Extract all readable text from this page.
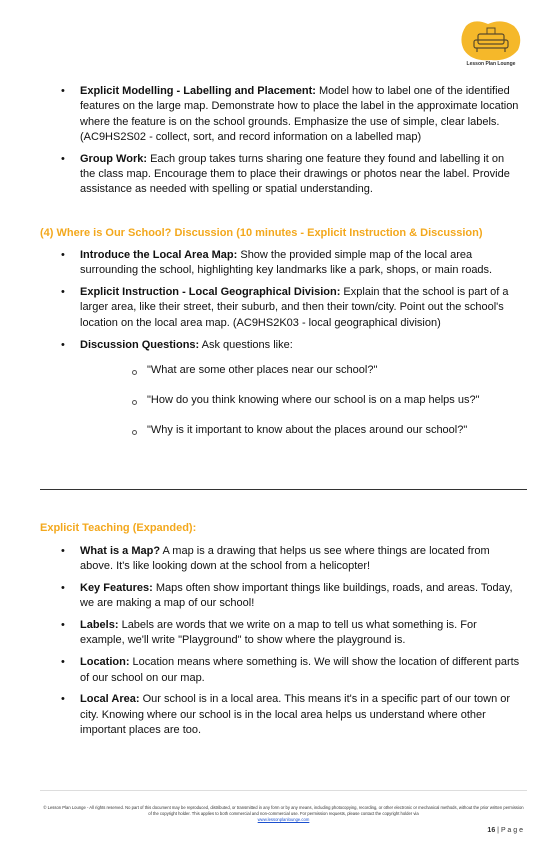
Lesson Plan Lounge
• Explicit Modelling - Labelling and Placement: Model how to label one of the identified features on the large map. Demonstrate how to place the label in the approximate location where the feature is on the school grounds. Emphasize the use of simple, clear labels. (AC9HS2S02 - collect, sort, and record information on a labelled map)
• Group Work: Each group takes turns sharing one feature they found and labelling it on the class map. Encourage them to place their drawings or photos near the label. Provide assistance as needed with spelling or spatial understanding.

(4) Where is Our School? Discussion (10 minutes - Explicit Instruction & Discussion)

• Introduce the Local Area Map: Show the provided simple map of the local area surrounding the school, highlighting key landmarks like a park, shops, or main roads.
• Explicit Instruction - Local Geographical Division: Explain that the school is part of a larger area, like their street, their suburb, and then their town/city. Point out the school's location on the local area map. (AC9HS2K03 - local geographical division)
• Discussion Questions: Ask questions like:
"What are some other places near our school?"
"How do you think knowing where our school is on a map helps us?"
"Why is it important to know about the places around our school?"

Explicit Teaching (Expanded):

• What is a Map? A map is a drawing that helps us see where things are located from above. It's like looking down at the school from a helicopter!
• Key Features: Maps often show important things like buildings, roads, and areas. Today, we are making a map of our school!
• Labels: Labels are words that we write on a map to tell us what something is. For example, we'll write "Playground" to show where the playground is.
• Location: Location means where something is. We will show the location of different parts of our school on our map.
• Local Area: Our school is in a local area. This means it's in a specific part of our town or city. Knowing where our school is in the local area helps us understand where other important places are too.
© Lesson Plan Lounge - All rights reserved. No part of this document may be reproduced, distributed, or transmitted in any form or by any means, including photocopying, recording, or other electronic or mechanical methods, without the prior written permission of the copyright holder. This applies to both commercial and non-commercial use. For permission requests, please contact the copyright holder via
www.lessonplanlounge.com
16 | P a g e
